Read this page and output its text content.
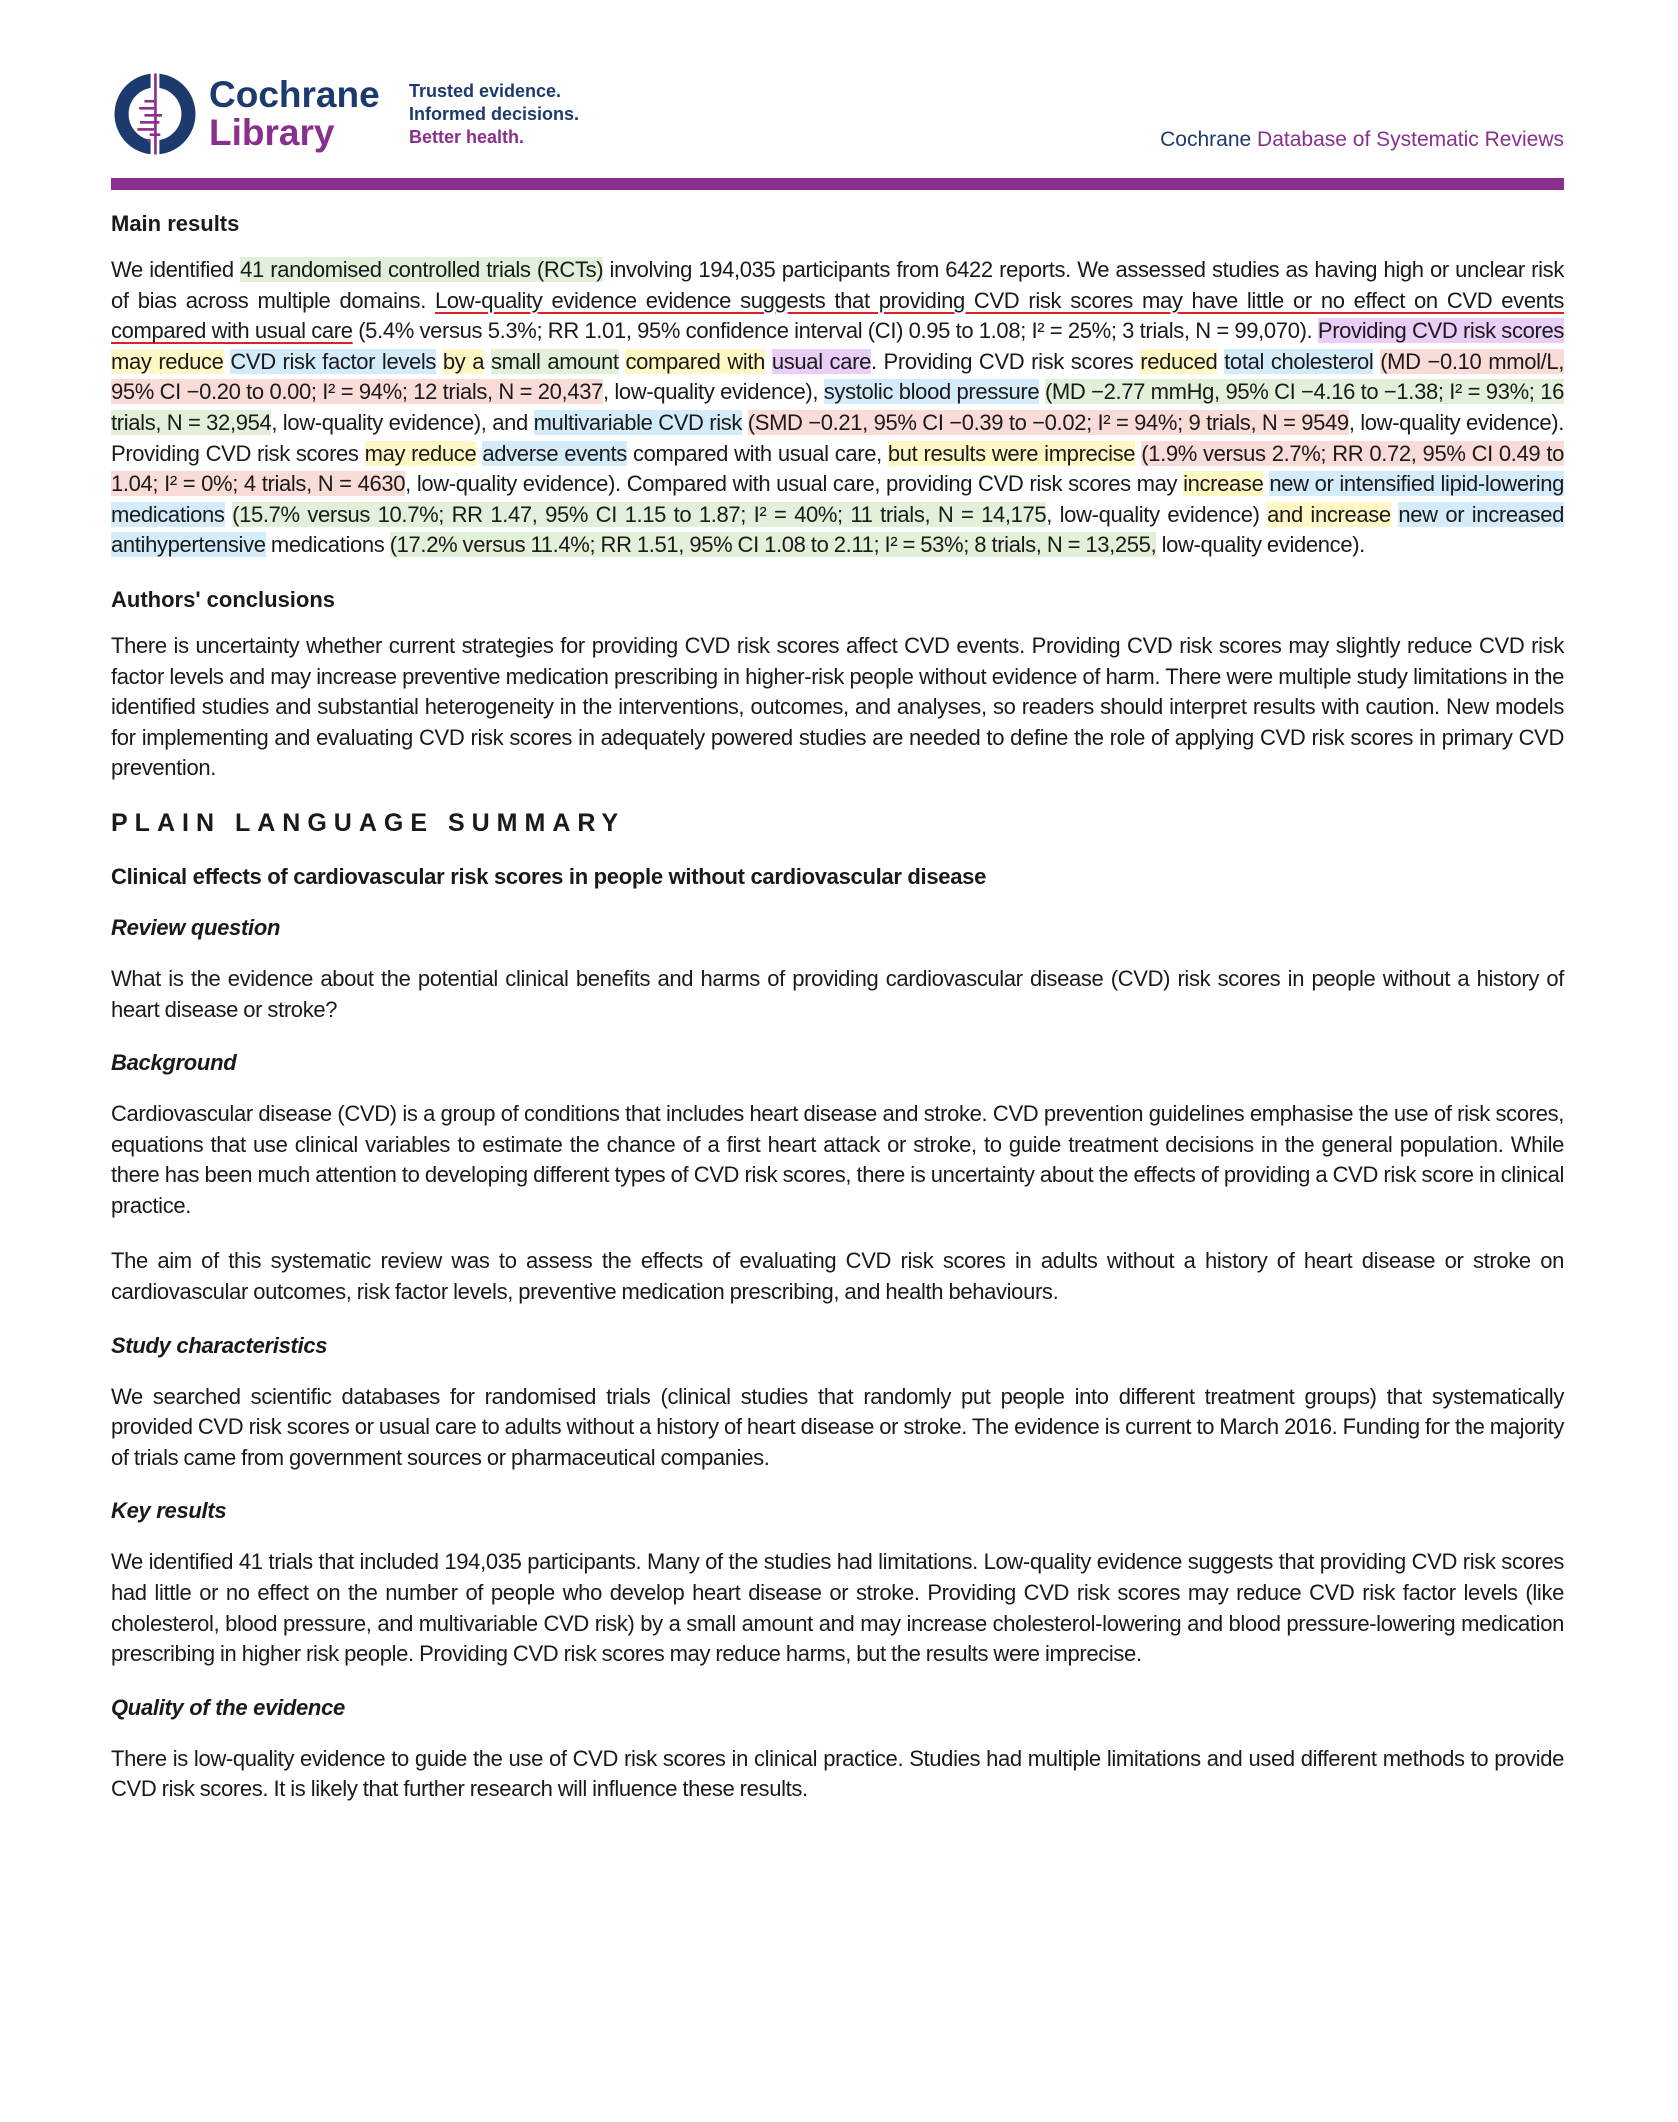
Cochrane
Library
Trusted evidence.
Informed decisions.
Better health.	Cochrane Database of Systematic Reviews
Main results

We identified 41 randomised controlled trials (RCTs) involving 194,035 participants from 6422 reports. We assessed studies as having high or unclear risk of bias across multiple domains. Low-quality evidence evidence suggests that providing CVD risk scores may have little or no effect on CVD events compared with usual care (5.4% versus 5.3%; RR 1.01, 95% confidence interval (CI) 0.95 to 1.08; I² = 25%; 3 trials, N = 99,070). Providing CVD risk scores may reduce CVD risk factor levels by a small amount compared with usual care. Providing CVD risk scores reduced total cholesterol (MD −0.10 mmol/L, 95% CI −0.20 to 0.00; I² = 94%; 12 trials, N = 20,437, low-quality evidence), systolic blood pressure (MD −2.77 mmHg, 95% CI −4.16 to −1.38; I² = 93%; 16 trials, N = 32,954, low-quality evidence), and multivariable CVD risk (SMD −0.21, 95% CI −0.39 to −0.02; I² = 94%; 9 trials, N = 9549, low-quality evidence). Providing CVD risk scores may reduce adverse events compared with usual care, but results were imprecise (1.9% versus 2.7%; RR 0.72, 95% CI 0.49 to 1.04; I² = 0%; 4 trials, N = 4630, low-quality evidence). Compared with usual care, providing CVD risk scores may increase new or intensified lipid-lowering medications (15.7% versus 10.7%; RR 1.47, 95% CI 1.15 to 1.87; I² = 40%; 11 trials, N = 14,175, low-quality evidence) and increase new or increased antihypertensive medications (17.2% versus 11.4%; RR 1.51, 95% CI 1.08 to 2.11; I² = 53%; 8 trials, N = 13,255, low-quality evidence).

Authors' conclusions

There is uncertainty whether current strategies for providing CVD risk scores affect CVD events. Providing CVD risk scores may slightly reduce CVD risk factor levels and may increase preventive medication prescribing in higher-risk people without evidence of harm. There were multiple study limitations in the identified studies and substantial heterogeneity in the interventions, outcomes, and analyses, so readers should interpret results with caution. New models for implementing and evaluating CVD risk scores in adequately powered studies are needed to define the role of applying CVD risk scores in primary CVD prevention.

PLAIN LANGUAGE SUMMARY
Clinical effects of cardiovascular risk scores in people without cardiovascular disease
Review question

What is the evidence about the potential clinical benefits and harms of providing cardiovascular disease (CVD) risk scores in people without a history of heart disease or stroke?

Background

Cardiovascular disease (CVD) is a group of conditions that includes heart disease and stroke. CVD prevention guidelines emphasise the use of risk scores, equations that use clinical variables to estimate the chance of a first heart attack or stroke, to guide treatment decisions in the general population. While there has been much attention to developing different types of CVD risk scores, there is uncertainty about the effects of providing a CVD risk score in clinical practice.

The aim of this systematic review was to assess the effects of evaluating CVD risk scores in adults without a history of heart disease or stroke on cardiovascular outcomes, risk factor levels, preventive medication prescribing, and health behaviours.

Study characteristics

We searched scientific databases for randomised trials (clinical studies that randomly put people into different treatment groups) that systematically provided CVD risk scores or usual care to adults without a history of heart disease or stroke. The evidence is current to March 2016. Funding for the majority of trials came from government sources or pharmaceutical companies.

Key results

We identified 41 trials that included 194,035 participants. Many of the studies had limitations. Low-quality evidence suggests that providing CVD risk scores had little or no effect on the number of people who develop heart disease or stroke. Providing CVD risk scores may reduce CVD risk factor levels (like cholesterol, blood pressure, and multivariable CVD risk) by a small amount and may increase cholesterol-lowering and blood pressure-lowering medication prescribing in higher risk people. Providing CVD risk scores may reduce harms, but the results were imprecise.

Quality of the evidence

There is low-quality evidence to guide the use of CVD risk scores in clinical practice. Studies had multiple limitations and used different methods to provide CVD risk scores. It is likely that further research will influence these results.
